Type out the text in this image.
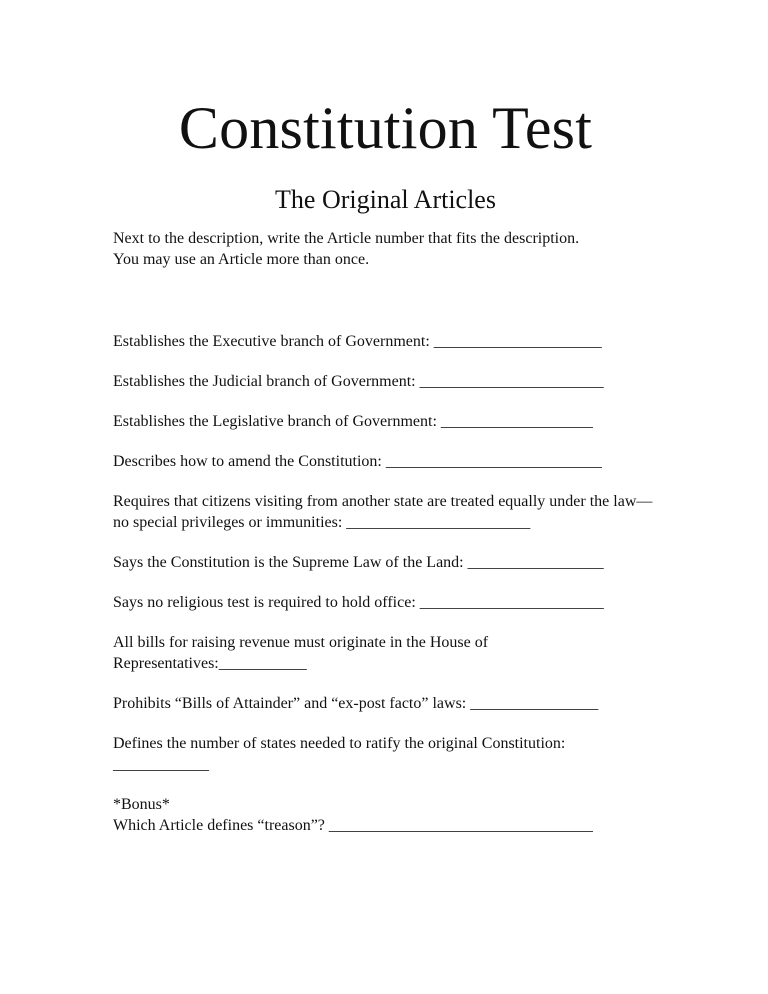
Constitution Test
The Original Articles

Next to the description, write the Article number that fits the description.
You may use an Article more than once.

Establishes the Executive branch of Government: _____________________
Establishes the Judicial branch of Government: _______________________
Establishes the Legislative branch of Government: ___________________
Describes how to amend the Constitution: ___________________________
Requires that citizens visiting from another state are treated equally under the law—no special privileges or immunities: _______________________
Says the Constitution is the Supreme Law of the Land: _________________
Says no religious test is required to hold office: _______________________
All bills for raising revenue must originate in the House of Representatives:___________
Prohibits “Bills of Attainder” and “ex-post facto” laws: ________________
Defines the number of states needed to ratify the original Constitution: ____________

*Bonus*
Which Article defines “treason”? _________________________________
